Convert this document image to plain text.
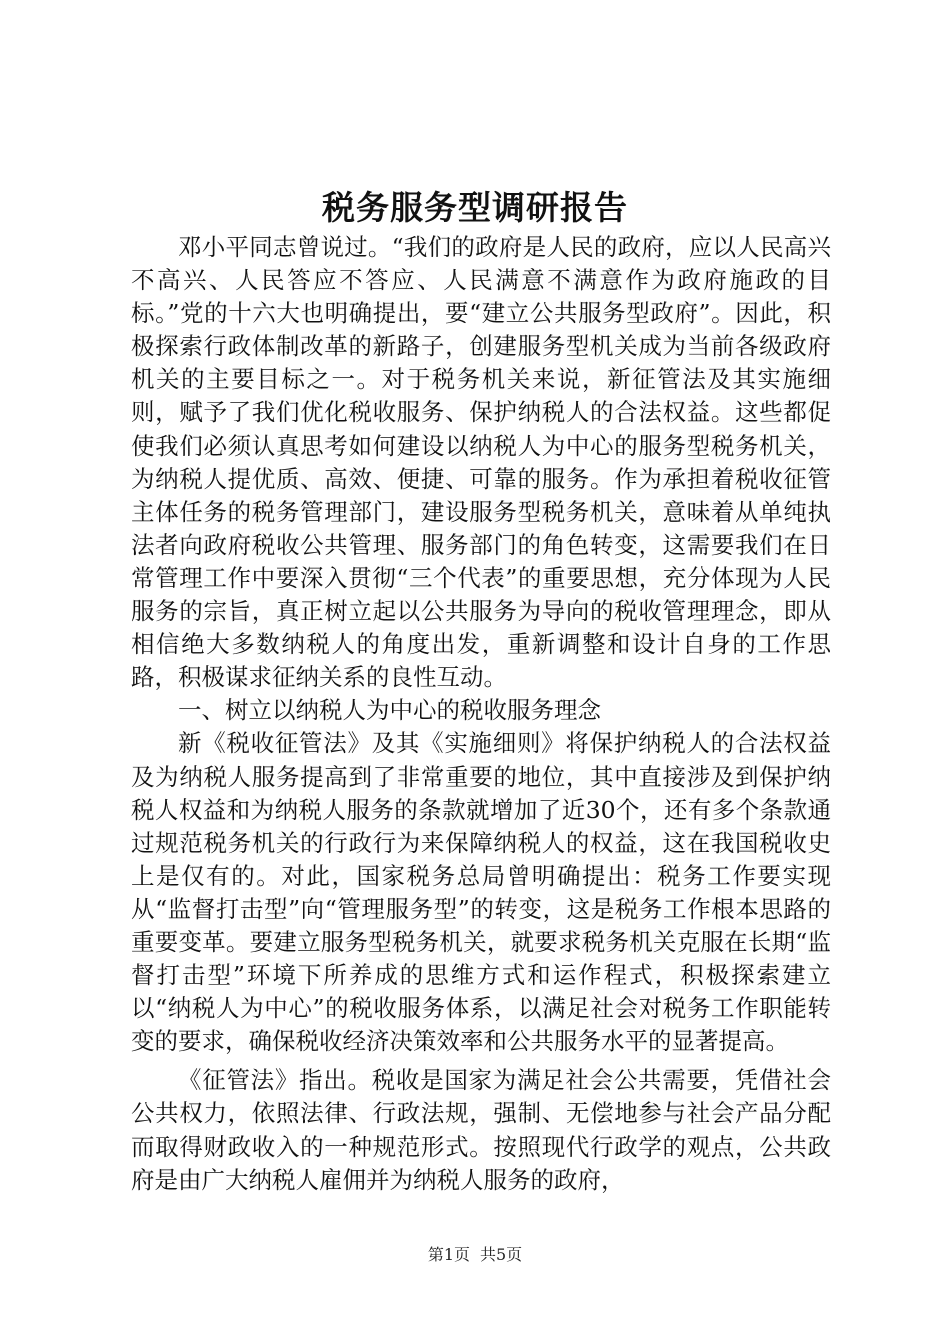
税务服务型调研报告

邓小平同志曾说过。“我们的政府是人民的政府，应以人民高兴不高兴、人民答应不答应、人民满意不满意作为政府施政的目标。”党的十六大也明确提出，要“建立公共服务型政府”。因此，积极探索行政体制改革的新路子，创建服务型机关成为当前各级政府机关的主要目标之一。对于税务机关来说，新征管法及其实施细则，赋予了我们优化税收服务、保护纳税人的合法权益。这些都促使我们必须认真思考如何建设以纳税人为中心的服务型税务机关，为纳税人提优质、高效、便捷、可靠的服务。作为承担着税收征管主体任务的税务管理部门，建设服务型税务机关，意味着从单纯执法者向政府税收公共管理、服务部门的角色转变，这需要我们在日常管理工作中要深入贯彻“三个代表”的重要思想，充分体现为人民服务的宗旨，真正树立起以公共服务为导向的税收管理理念，即从相信绝大多数纳税人的角度出发，重新调整和设计自身的工作思路，积极谋求征纳关系的良性互动。

一、树立以纳税人为中心的税收服务理念

新《税收征管法》及其《实施细则》将保护纳税人的合法权益及为纳税人服务提高到了非常重要的地位，其中直接涉及到保护纳税人权益和为纳税人服务的条款就增加了近30个，还有多个条款通过规范税务机关的行政行为来保障纳税人的权益，这在我国税收史上是仅有的。对此，国家税务总局曾明确提出：税务工作要实现从“监督打击型”向“管理服务型”的转变，这是税务工作根本思路的重要变革。要建立服务型税务机关，就要求税务机关克服在长期“监督打击型”环境下所养成的思维方式和运作程式，积极探索建立以“纳税人为中心”的税收服务体系，以满足社会对税务工作职能转变的要求，确保税收经济决策效率和公共服务水平的显著提高。

《征管法》指出。税收是国家为满足社会公共需要，凭借社会公共权力，依照法律、行政法规，强制、无偿地参与社会产品分配而取得财政收入的一种规范形式。按照现代行政学的观点，公共政府是由广大纳税人雇佣并为纳税人服务的政府，

第1页 共5页
